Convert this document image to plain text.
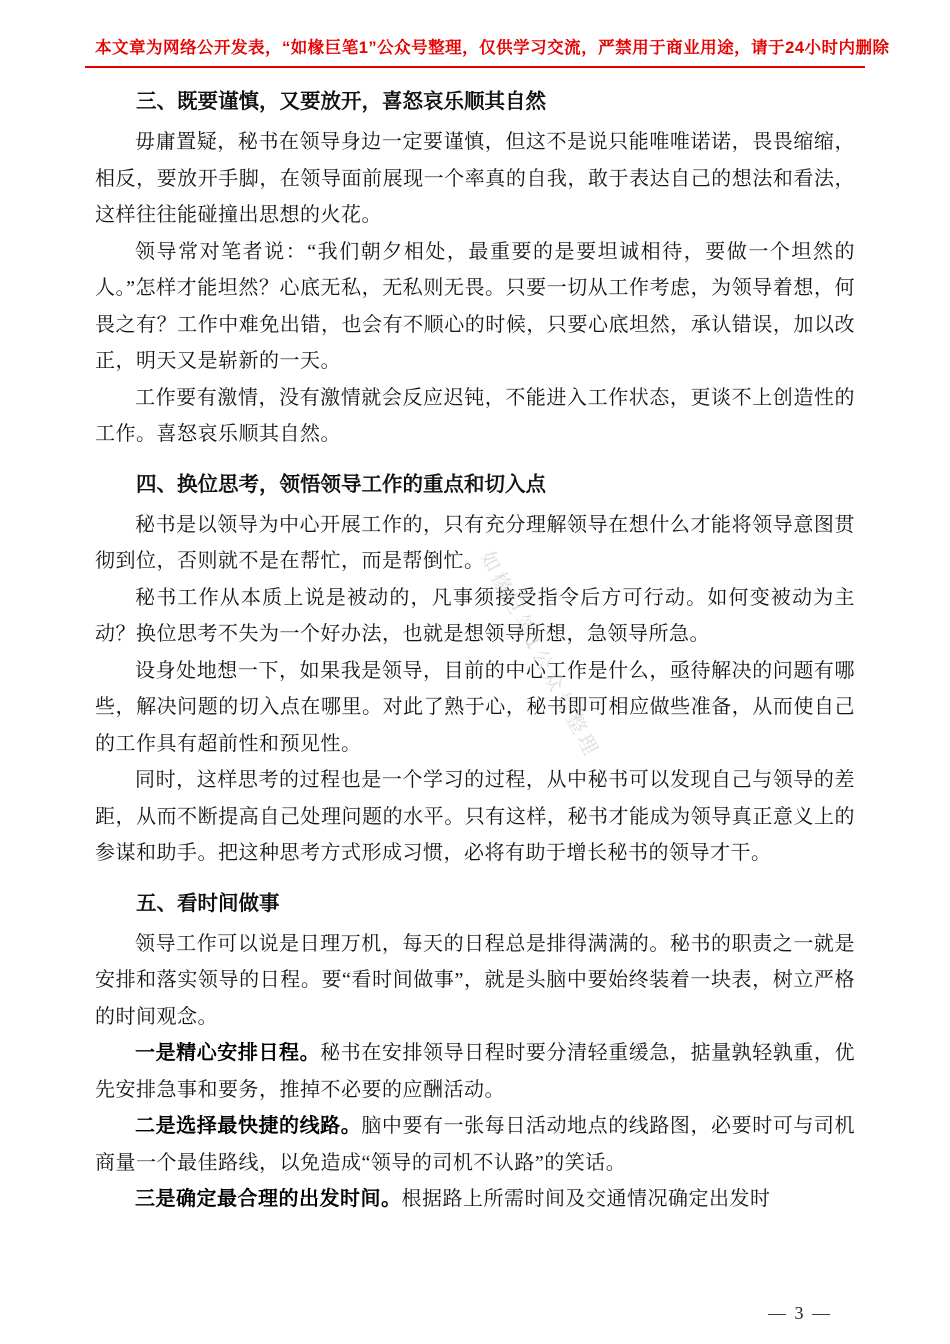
本文章为网络公开发表，“如椽巨笔1”公众号整理，仅供学习交流，严禁用于商业用途，请于24小时内删除
如椽巨笔1公众号整理
三、既要谨慎，又要放开，喜怒哀乐顺其自然

毋庸置疑，秘书在领导身边一定要谨慎，但这不是说只能唯唯诺诺，畏畏缩缩，相反，要放开手脚，在领导面前展现一个率真的自我，敢于表达自己的想法和看法，这样往往能碰撞出思想的火花。

领导常对笔者说：“我们朝夕相处，最重要的是要坦诚相待，要做一个坦然的人。”怎样才能坦然？心底无私，无私则无畏。只要一切从工作考虑，为领导着想，何畏之有？工作中难免出错，也会有不顺心的时候，只要心底坦然，承认错误，加以改正，明天又是崭新的一天。

工作要有激情，没有激情就会反应迟钝，不能进入工作状态，更谈不上创造性的工作。喜怒哀乐顺其自然。

四、换位思考，领悟领导工作的重点和切入点

秘书是以领导为中心开展工作的，只有充分理解领导在想什么才能将领导意图贯彻到位，否则就不是在帮忙，而是帮倒忙。

秘书工作从本质上说是被动的，凡事须接受指令后方可行动。如何变被动为主动？换位思考不失为一个好办法，也就是想领导所想，急领导所急。

设身处地想一下，如果我是领导，目前的中心工作是什么，亟待解决的问题有哪些，解决问题的切入点在哪里。对此了熟于心，秘书即可相应做些准备，从而使自己的工作具有超前性和预见性。

同时，这样思考的过程也是一个学习的过程，从中秘书可以发现自己与领导的差距，从而不断提高自己处理问题的水平。只有这样，秘书才能成为领导真正意义上的参谋和助手。把这种思考方式形成习惯，必将有助于增长秘书的领导才干。

五、看时间做事

领导工作可以说是日理万机，每天的日程总是排得满满的。秘书的职责之一就是安排和落实领导的日程。要“看时间做事”，就是头脑中要始终装着一块表，树立严格的时间观念。

一是精心安排日程。秘书在安排领导日程时要分清轻重缓急，掂量孰轻孰重，优先安排急事和要务，推掉不必要的应酬活动。

二是选择最快捷的线路。脑中要有一张每日活动地点的线路图，必要时可与司机商量一个最佳路线，以免造成“领导的司机不认路”的笑话。

三是确定最合理的出发时间。根据路上所需时间及交通情况确定出发时

— 3 —
